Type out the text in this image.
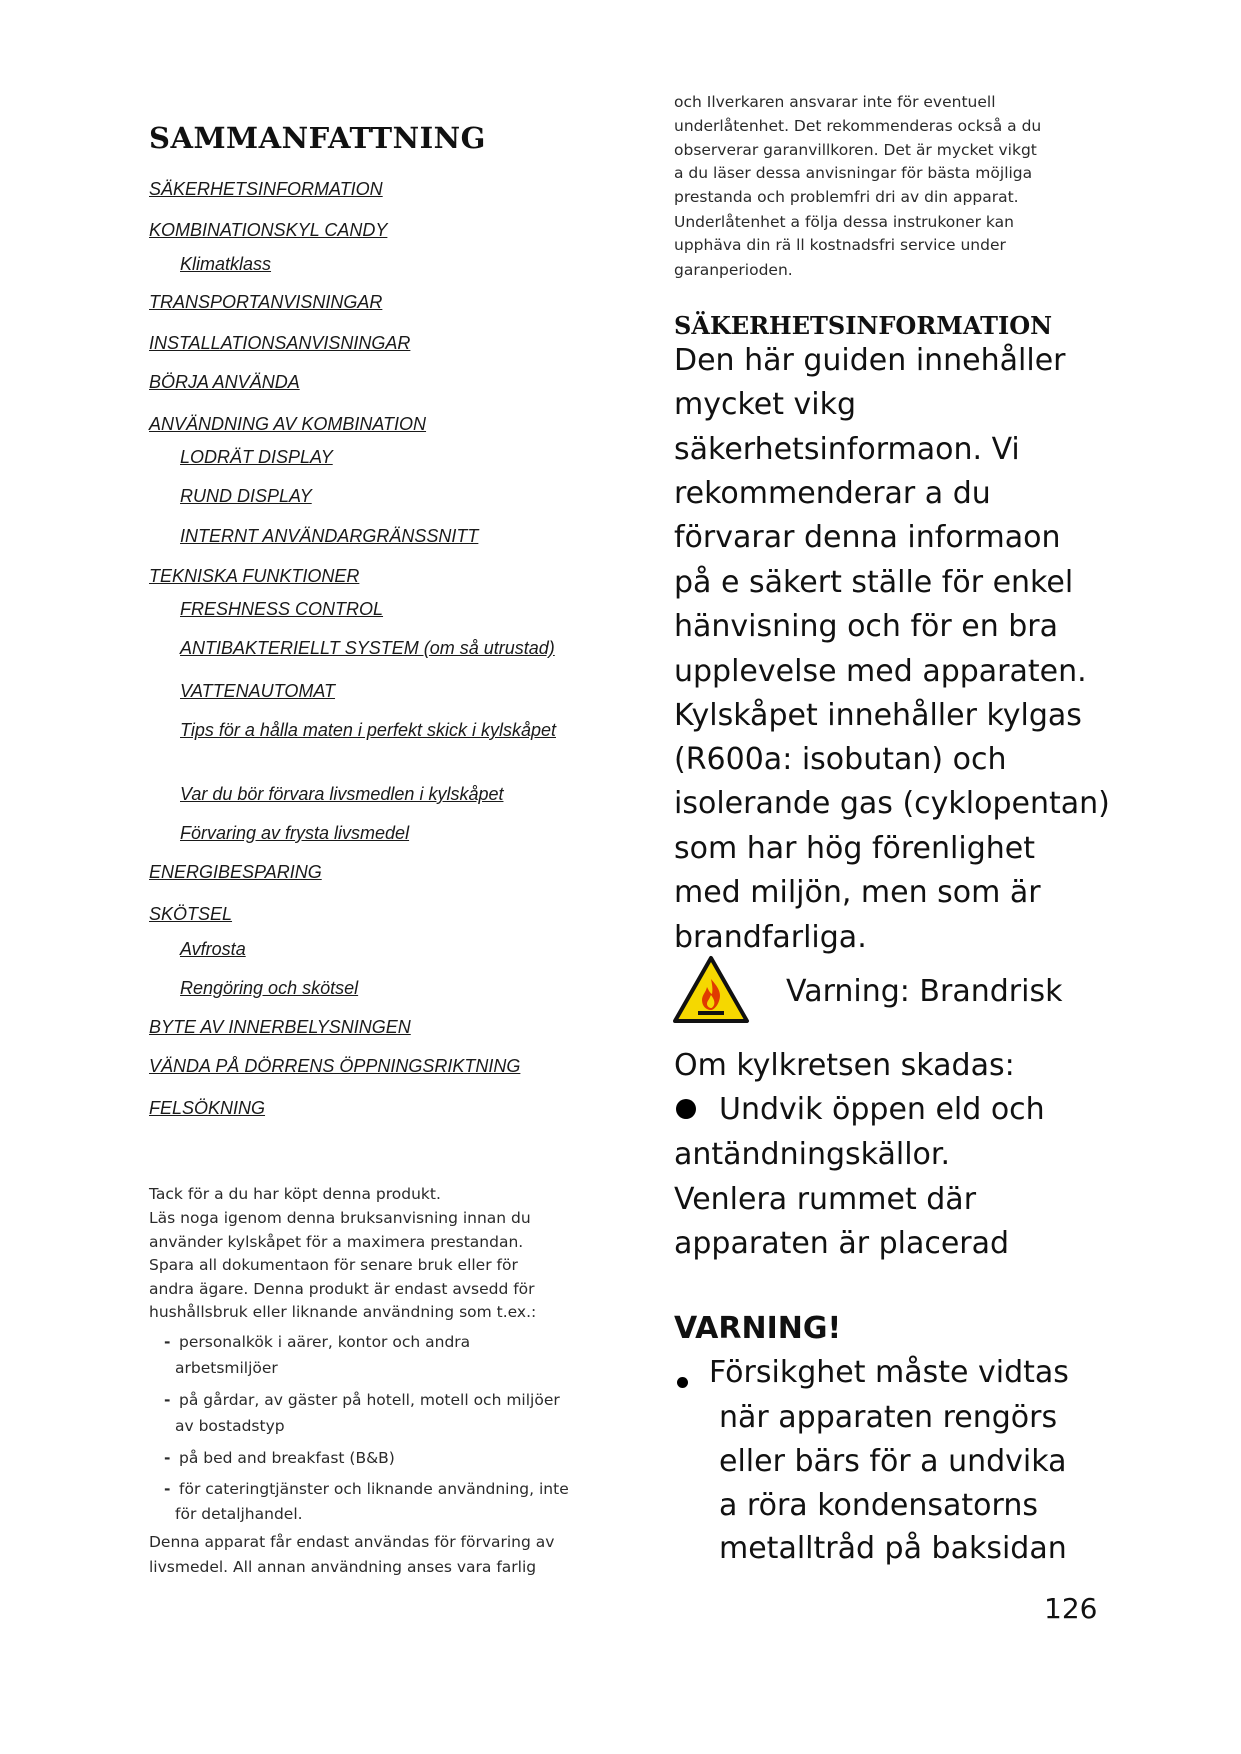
SAMMANFATTNING
SÄKERHETSINFORMATION
KOMBINATIONSKYL CANDY
Klimatklass
TRANSPORTANVISNINGAR
INSTALLATIONSANVISNINGAR
BÖRJA ANVÄNDA
ANVÄNDNING AV KOMBINATION
LODRÄT DISPLAY
RUND DISPLAY
INTERNT ANVÄNDARGRÄNSSNITT
TEKNISKA FUNKTIONER
FRESHNESS CONTROL
ANTIBAKTERIELLT SYSTEM (om så utrustad)
VATTENAUTOMAT
Tips för a hålla maten i perfekt skick i kylskåpet
Var du bör förvara livsmedlen i kylskåpet
Förvaring av frysta livsmedel
ENERGIBESPARING
SKÖTSEL
Avfrosta
Rengöring och skötsel
BYTE AV INNERBELYSNINGEN
VÄNDA PÅ DÖRRENS ÖPPNINGSRIKTNING
FELSÖKNING

Tack för a du har köpt denna produkt.

Läs noga igenom denna bruksanvisning innan du

använder kylskåpet för a maximera prestandan.

Spara all dokumentaon för senare bruk eller för

andra ägare. Denna produkt är endast avsedd för

hushållsbruk eller liknande användning som t.ex.:

- personalkök i aärer, kontor och andra

arbetsmiljöer

- på gårdar, av gäster på hotell, motell och miljöer

av bostadstyp

- på bed and breakfast (B&B)

- för cateringtjänster och liknande användning, inte

för detaljhandel.

Denna apparat får endast användas för förvaring av

livsmedel. All annan användning anses vara farlig

och Ilverkaren ansvarar inte för eventuell

underlåtenhet. Det rekommenderas också a du

observerar garanvillkoren. Det är mycket vikgt

a du läser dessa anvisningar för bästa möjliga

prestanda och problemfri dri av din apparat.

Underlåtenhet a följa dessa instrukoner kan

upphäva din rä ll kostnadsfri service under

garanperioden.

SÄKERHETSINFORMATION

Den här guiden innehåller

mycket vikg

säkerhetsinformaon. Vi

rekommenderar a du

förvarar denna informaon

på e säkert ställe för enkel

hänvisning och för en bra

upplevelse med apparaten.

Kylskåpet innehåller kylgas

(R600a: isobutan) och

isolerande gas (cyklopentan)

som har hög förenlighet

med miljön, men som är

brandfarliga.

Varning: Brandrisk

Om kylkretsen skadas:

Undvik öppen eld och

antändningskällor.

Venlera rummet där

apparaten är placerad

VARNING!

Försikghet måste vidtas

när apparaten rengörs

eller bärs för a undvika

a röra kondensatorns

metalltråd på baksidan

126
